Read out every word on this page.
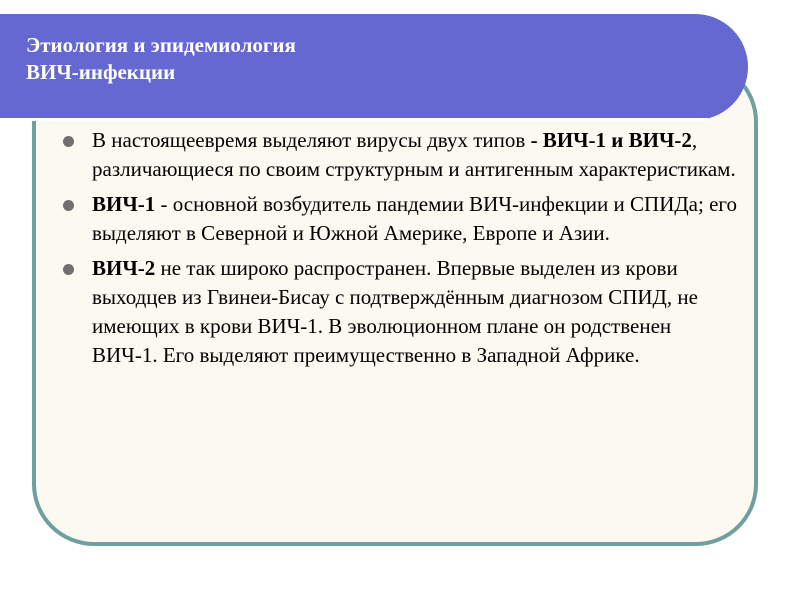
Этиология и эпидемиология
ВИЧ-инфекции
В настоящеевремя выделяют вирусы двух типов - ВИЧ-1 и ВИЧ-2, различающиеся по своим структурным и антигенным характеристикам.
ВИЧ-1 - основной возбудитель пандемии ВИЧ-инфекции и СПИДа; его выделяют в Северной и Южной Америке, Европе и Азии.
ВИЧ-2 не так широко распространен. Впервые выделен из крови выходцев из Гвинеи-Бисау с подтверждённым диагнозом СПИД, не имеющих в крови ВИЧ-1. В эволюционном плане он родственен ВИЧ-1. Его выделяют преимущественно в Западной Африке.
